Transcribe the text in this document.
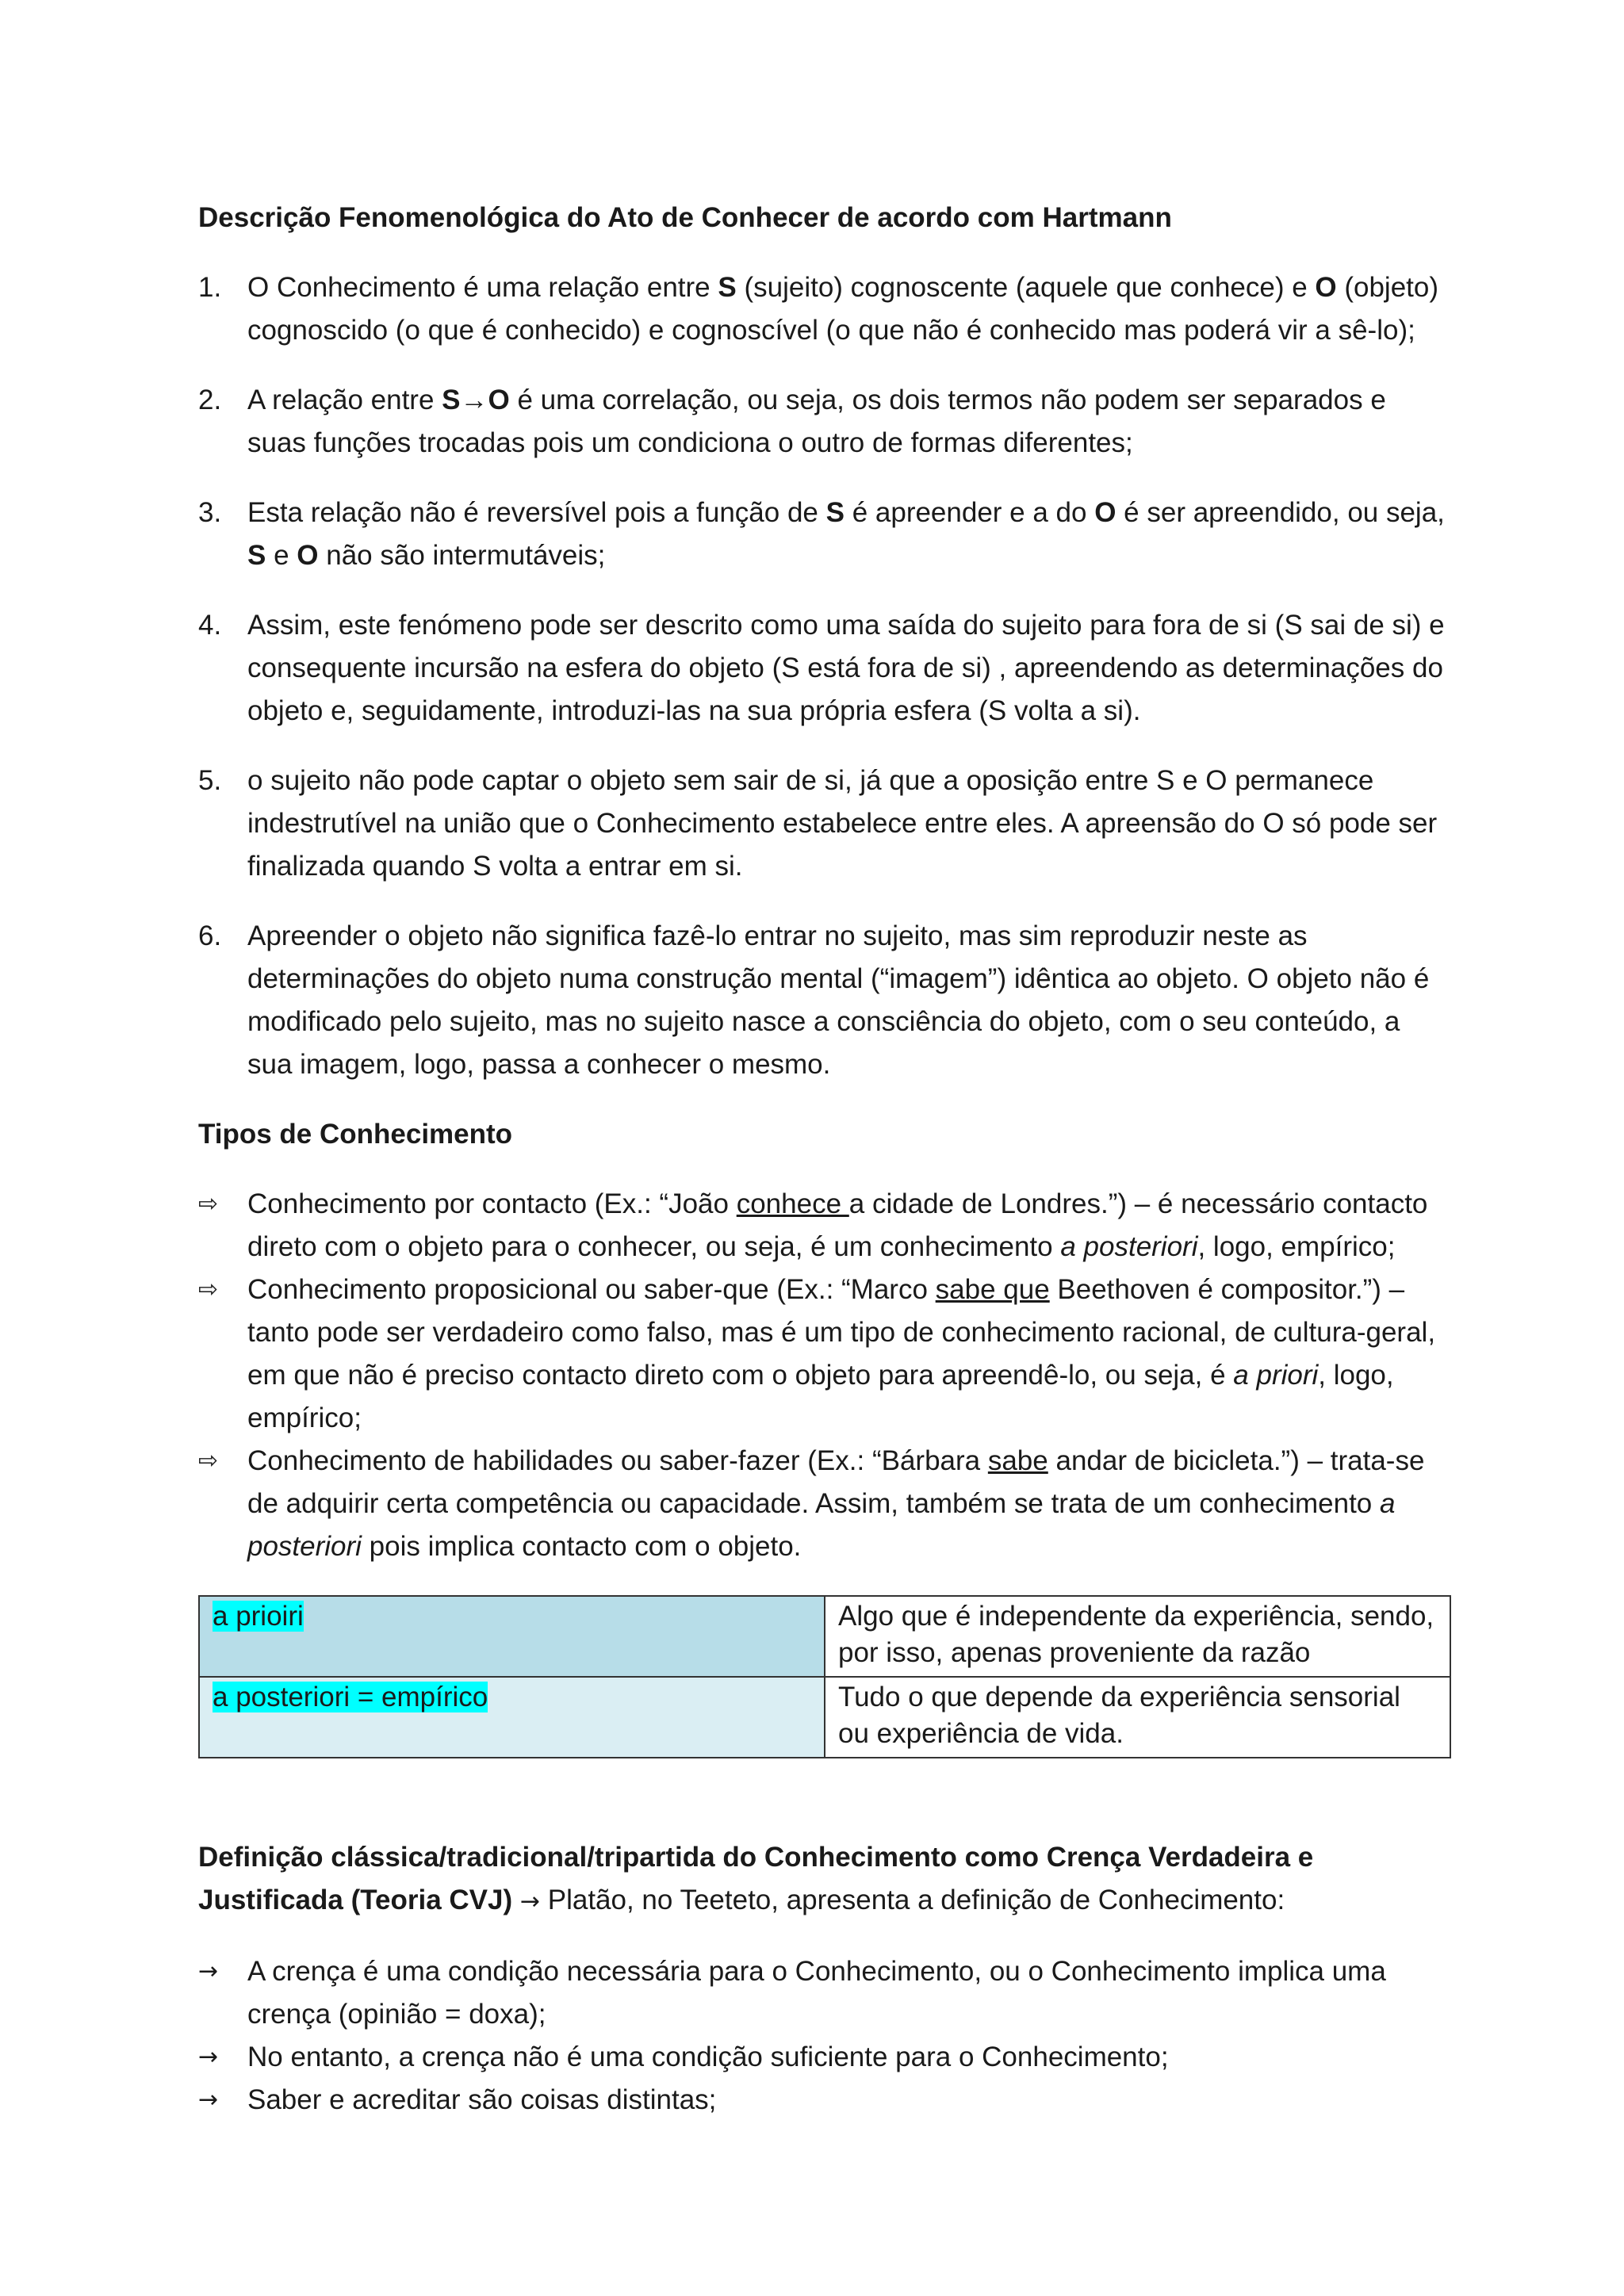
Descrição Fenomenológica do Ato de Conhecer de acordo com Hartmann
1. O Conhecimento é uma relação entre S (sujeito) cognoscente (aquele que conhece) e O (objeto) cognoscido (o que é conhecido) e cognoscível (o que não é conhecido mas poderá vir a sê-lo);
2. A relação entre S→O é uma correlação, ou seja, os dois termos não podem ser separados e suas funções trocadas pois um condiciona o outro de formas diferentes;
3. Esta relação não é reversível pois a função de S é apreender e a do O é ser apreendido, ou seja, S e O não são intermutáveis;
4. Assim, este fenómeno pode ser descrito como uma saída do sujeito para fora de si (S sai de si) e consequente incursão na esfera do objeto (S está fora de si) , apreendendo as determinações do objeto e, seguidamente, introduzi-las na sua própria esfera (S volta a si).
5. o sujeito não pode captar o objeto sem sair de si, já que a oposição entre S e O permanece indestrutível na união que o Conhecimento estabelece entre eles. A apreensão do O só pode ser finalizada quando S volta a entrar em si.
6. Apreender o objeto não significa fazê-lo entrar no sujeito, mas sim reproduzir neste as determinações do objeto numa construção mental (“imagem”) idêntica ao objeto. O objeto não é modificado pelo sujeito, mas no sujeito nasce a consciência do objeto, com o seu conteúdo, a sua imagem, logo, passa a conhecer o mesmo.
Tipos de Conhecimento
⇨ Conhecimento por contacto (Ex.: “João conhece a cidade de Londres.”) – é necessário contacto direto com o objeto para o conhecer, ou seja, é um conhecimento a posteriori, logo, empírico;
⇨ Conhecimento proposicional ou saber-que (Ex.: “Marco sabe que Beethoven é compositor.”) – tanto pode ser verdadeiro como falso, mas é um tipo de conhecimento racional, de cultura-geral, em que não é preciso contacto direto com o objeto para apreendê-lo, ou seja, é a priori, logo, empírico;
⇨ Conhecimento de habilidades ou saber-fazer (Ex.: “Bárbara sabe andar de bicicleta.”) – trata-se de adquirir certa competência ou capacidade. Assim, também se trata de um conhecimento a posteriori pois implica contacto com o objeto.
a prioiri	Algo que é independente da experiência, sendo, por isso, apenas proveniente da razão
a posteriori = empírico	Tudo o que depende da experiência sensorial ou experiência de vida.

Definição clássica/tradicional/tripartida do Conhecimento como Crença Verdadeira e Justificada (Teoria CVJ) → Platão, no Teeteto, apresenta a definição de Conhecimento:

→ A crença é uma condição necessária para o Conhecimento, ou o Conhecimento implica uma crença (opinião = doxa);
→ No entanto, a crença não é uma condição suficiente para o Conhecimento;
→ Saber e acreditar são coisas distintas;
